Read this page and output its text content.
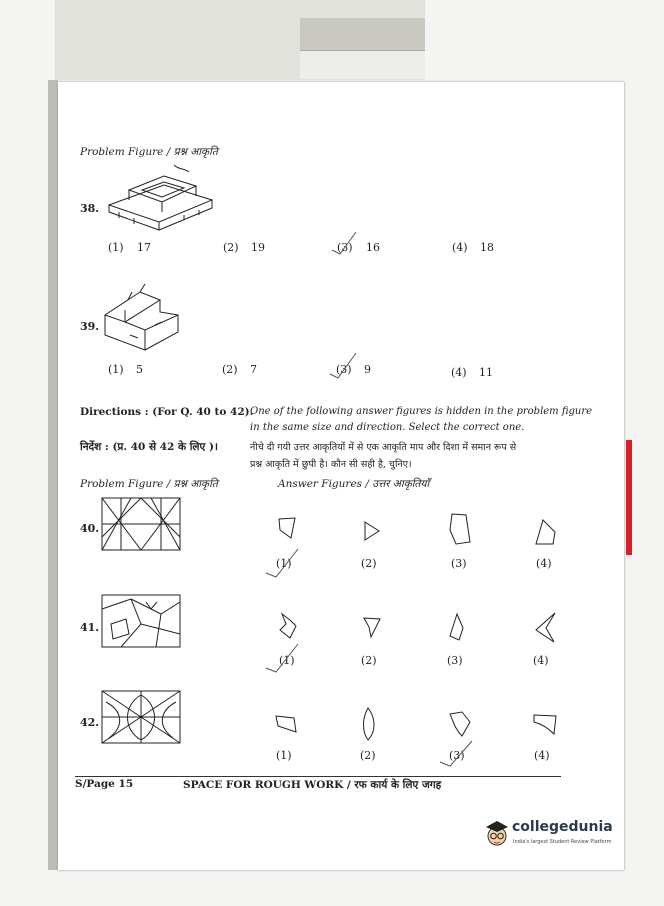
Problem Figure / प्रश्न आकृति
38.
(1) 17	(2) 19	(3) 16	(4) 18
39.
(1) 5	(2) 7	(3) 9	(4) 11
Directions : (For Q. 40 to 42).
One of the following answer figures is hidden in the problem figure
in the same size and direction. Select the correct one.
निर्देश : (प्र. 40 से 42 के लिए )।	नीचे दी गयी उत्तर आकृतियों में से एक आकृति माप और दिशा में समान रूप से
प्रश्न आकृति में छुपी है। कौन सी सही है, चुनिए।
Problem Figure / प्रश्न आकृति	Answer Figures / उत्तर आकृतियाँ
40.
(1)	(2)	(3)	(4)
41.
(1)	(2)	(3)	(4)
42.
(1)	(2)	(3)	(4)
S/Page 15	SPACE FOR ROUGH WORK / रफ कार्य के लिए जगह
collegedunia
India's largest Student Review Platform
